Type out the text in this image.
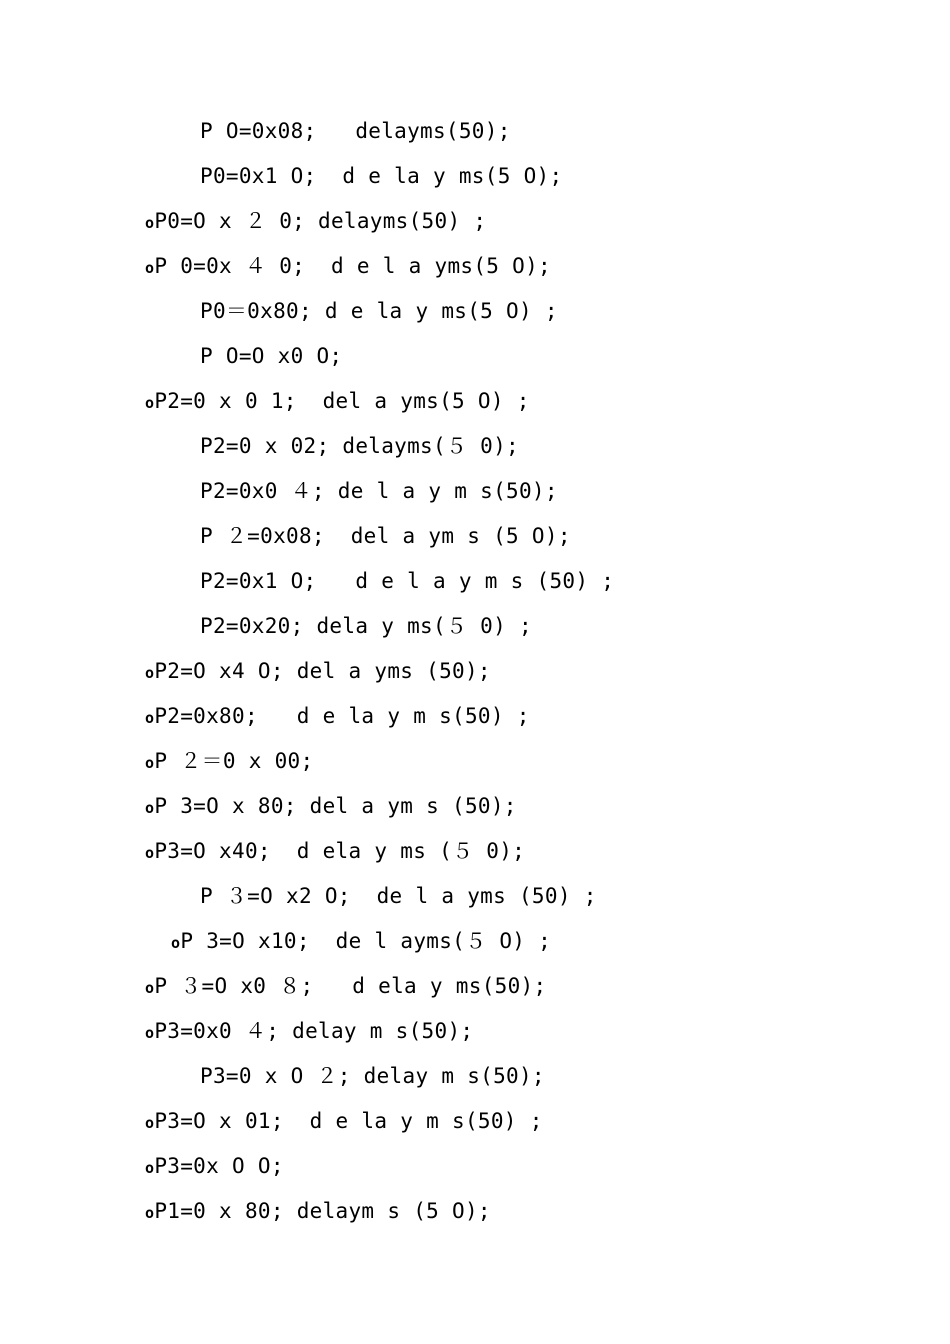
P O=0x08;   delayms(50);
P0=0x1 O;  d e la y ms(5 O);
oP0=O x ２ 0; delayms(50) ;
oP 0=0x ４ 0;  d e l a yms(5 O);
P0＝0x80; d e la y ms(5 O) ;
P O=O x0 O;
oP2=0 x 0 1;  del a yms(5 O) ;
P2=0 x 02; delayms(５ 0);
P2=0x0 ４; de l a y m s(50);
P ２=0x08;  del a ym s (5 O);
P2=0x1 O;   d e l a y m s (50) ;
P2=0x20; dela y ms(５ 0) ;
oP2=O x4 O; del a yms (50);
oP2=0x80;   d e la y m s(50) ;
oP ２＝0 x 00;
oP 3=O x 80; del a ym s (50);
oP3=O x40;  d ela y ms (５ 0);
P ３=O x2 O;  de l a yms (50) ;
oP 3=O x10;  de l ayms(５ O) ;
oP ３=O x0 ８;   d ela y ms(50);
oP3=0x0 ４; delay m s(50);
P3=0 x O ２; delay m s(50);
oP3=O x 01;  d e la y m s(50) ;
oP3=0x O O;
oP1=0 x 80; delaym s (5 O);
